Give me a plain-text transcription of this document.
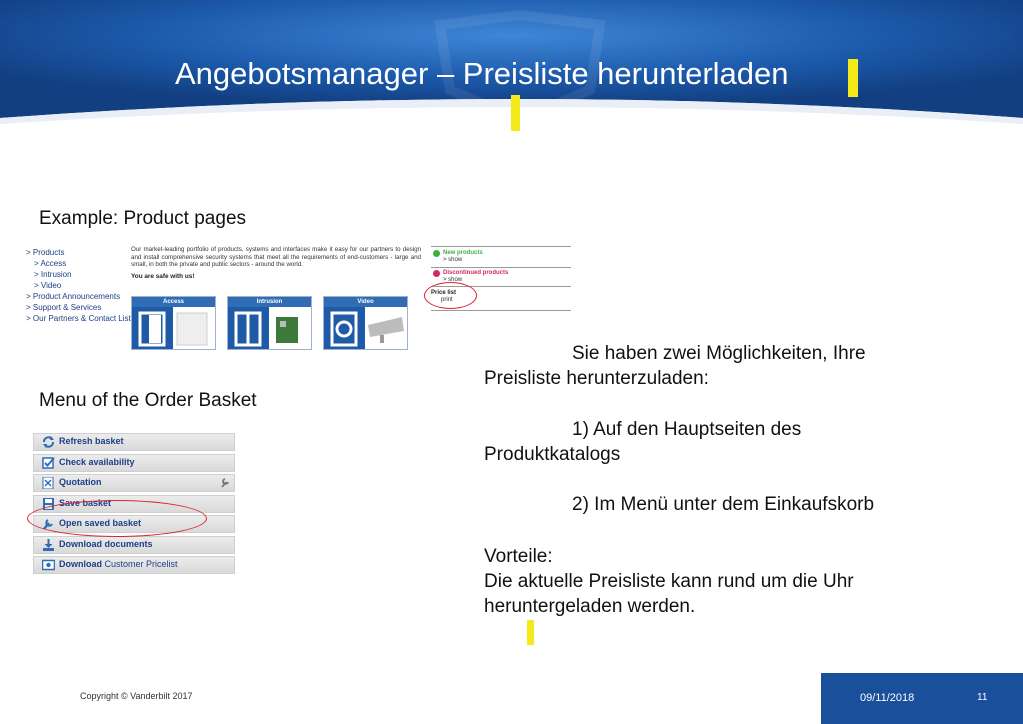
Angebotsmanager – Preisliste herunterladen
Example: Product pages
> Products
> Access
> Intrusion
> Video
> Product Announcements
> Support & Services
> Our Partners & Contact List
Our market-leading portfolio of products, systems and interfaces make it easy for our partners to design and install comprehensive security systems that meet all the requirements of end-customers - large and small, in both the private and public sectors - around the world.
You are safe with us!
Access	Intrusion	Video
New products
> show
Discontinued products
> show
Price list
print
Menu of the Order Basket
Refresh basket
Check availability
Quotation
Save basket
Open saved basket
Download documents
Download Customer Pricelist
Sie haben zwei Möglichkeiten, Ihre
Preisliste herunterzuladen:
1) Auf den Hauptseiten des
Produktkatalogs
2) Im Menü unter dem Einkaufskorb
Vorteile:
Die aktuelle Preisliste kann rund um die Uhr
heruntergeladen werden.
Copyright © Vanderbilt 2017	09/11/2018	11
